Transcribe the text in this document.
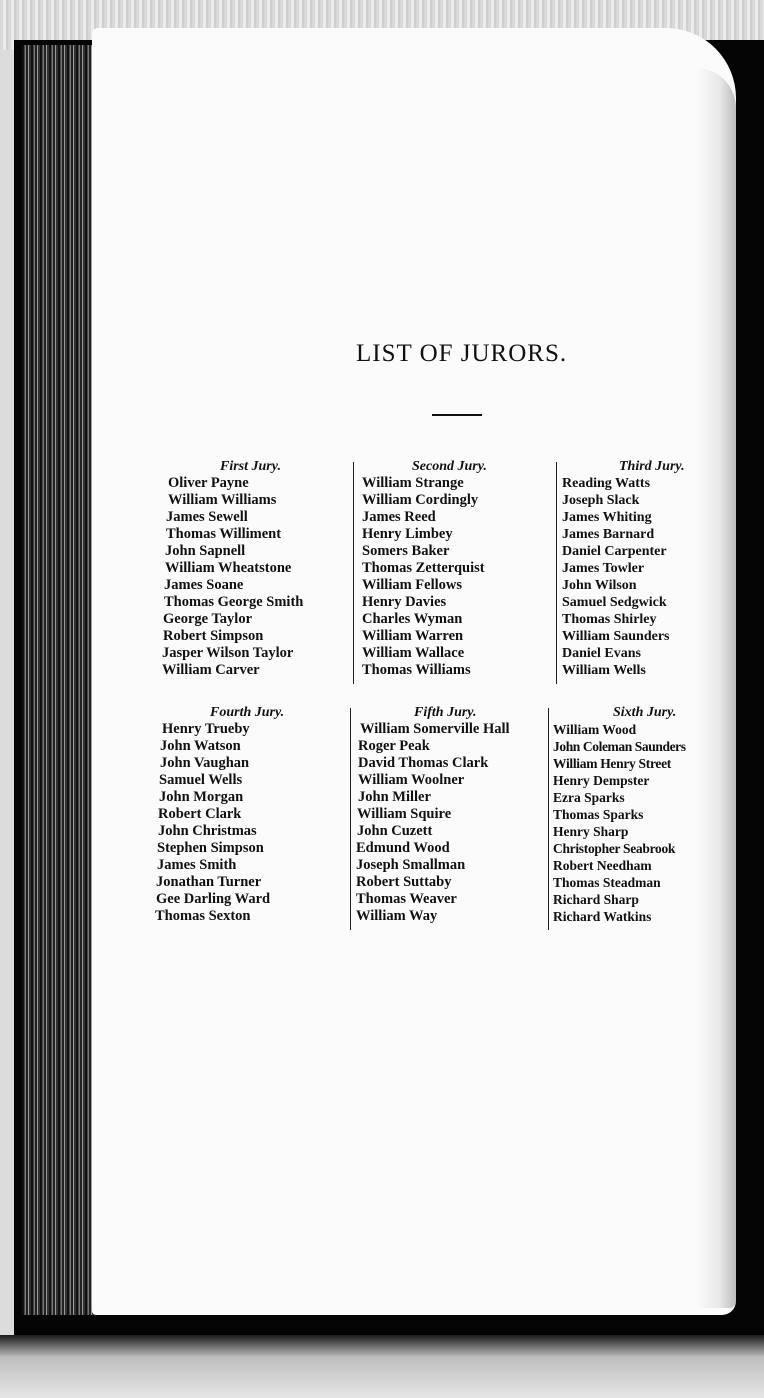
LIST OF JURORS.
First Jury.
Oliver Payne
William Williams
James Sewell
Thomas Williment
John Sapnell
William Wheatstone
James Soane
Thomas George Smith
George Taylor
Robert Simpson
Jasper Wilson Taylor
William Carver
Second Jury.
William Strange
William Cordingly
James Reed
Henry Limbey
Somers Baker
Thomas Zetterquist
William Fellows
Henry Davies
Charles Wyman
William Warren
William Wallace
Thomas Williams
Third Jury.
Reading Watts
Joseph Slack
James Whiting
James Barnard
Daniel Carpenter
James Towler
John Wilson
Samuel Sedgwick
Thomas Shirley
William Saunders
Daniel Evans
William Wells
Fourth Jury.
Henry Trueby
John Watson
John Vaughan
Samuel Wells
John Morgan
Robert Clark
John Christmas
Stephen Simpson
James Smith
Jonathan Turner
Gee Darling Ward
Thomas Sexton
Fifth Jury.
William Somerville Hall
Roger Peak
David Thomas Clark
William Woolner
John Miller
William Squire
John Cuzett
Edmund Wood
Joseph Smallman
Robert Suttaby
Thomas Weaver
William Way
Sixth Jury.
William Wood
John Coleman Saunders
William Henry Street
Henry Dempster
Ezra Sparks
Thomas Sparks
Henry Sharp
Christopher Seabrook
Robert Needham
Thomas Steadman
Richard Sharp
Richard Watkins
